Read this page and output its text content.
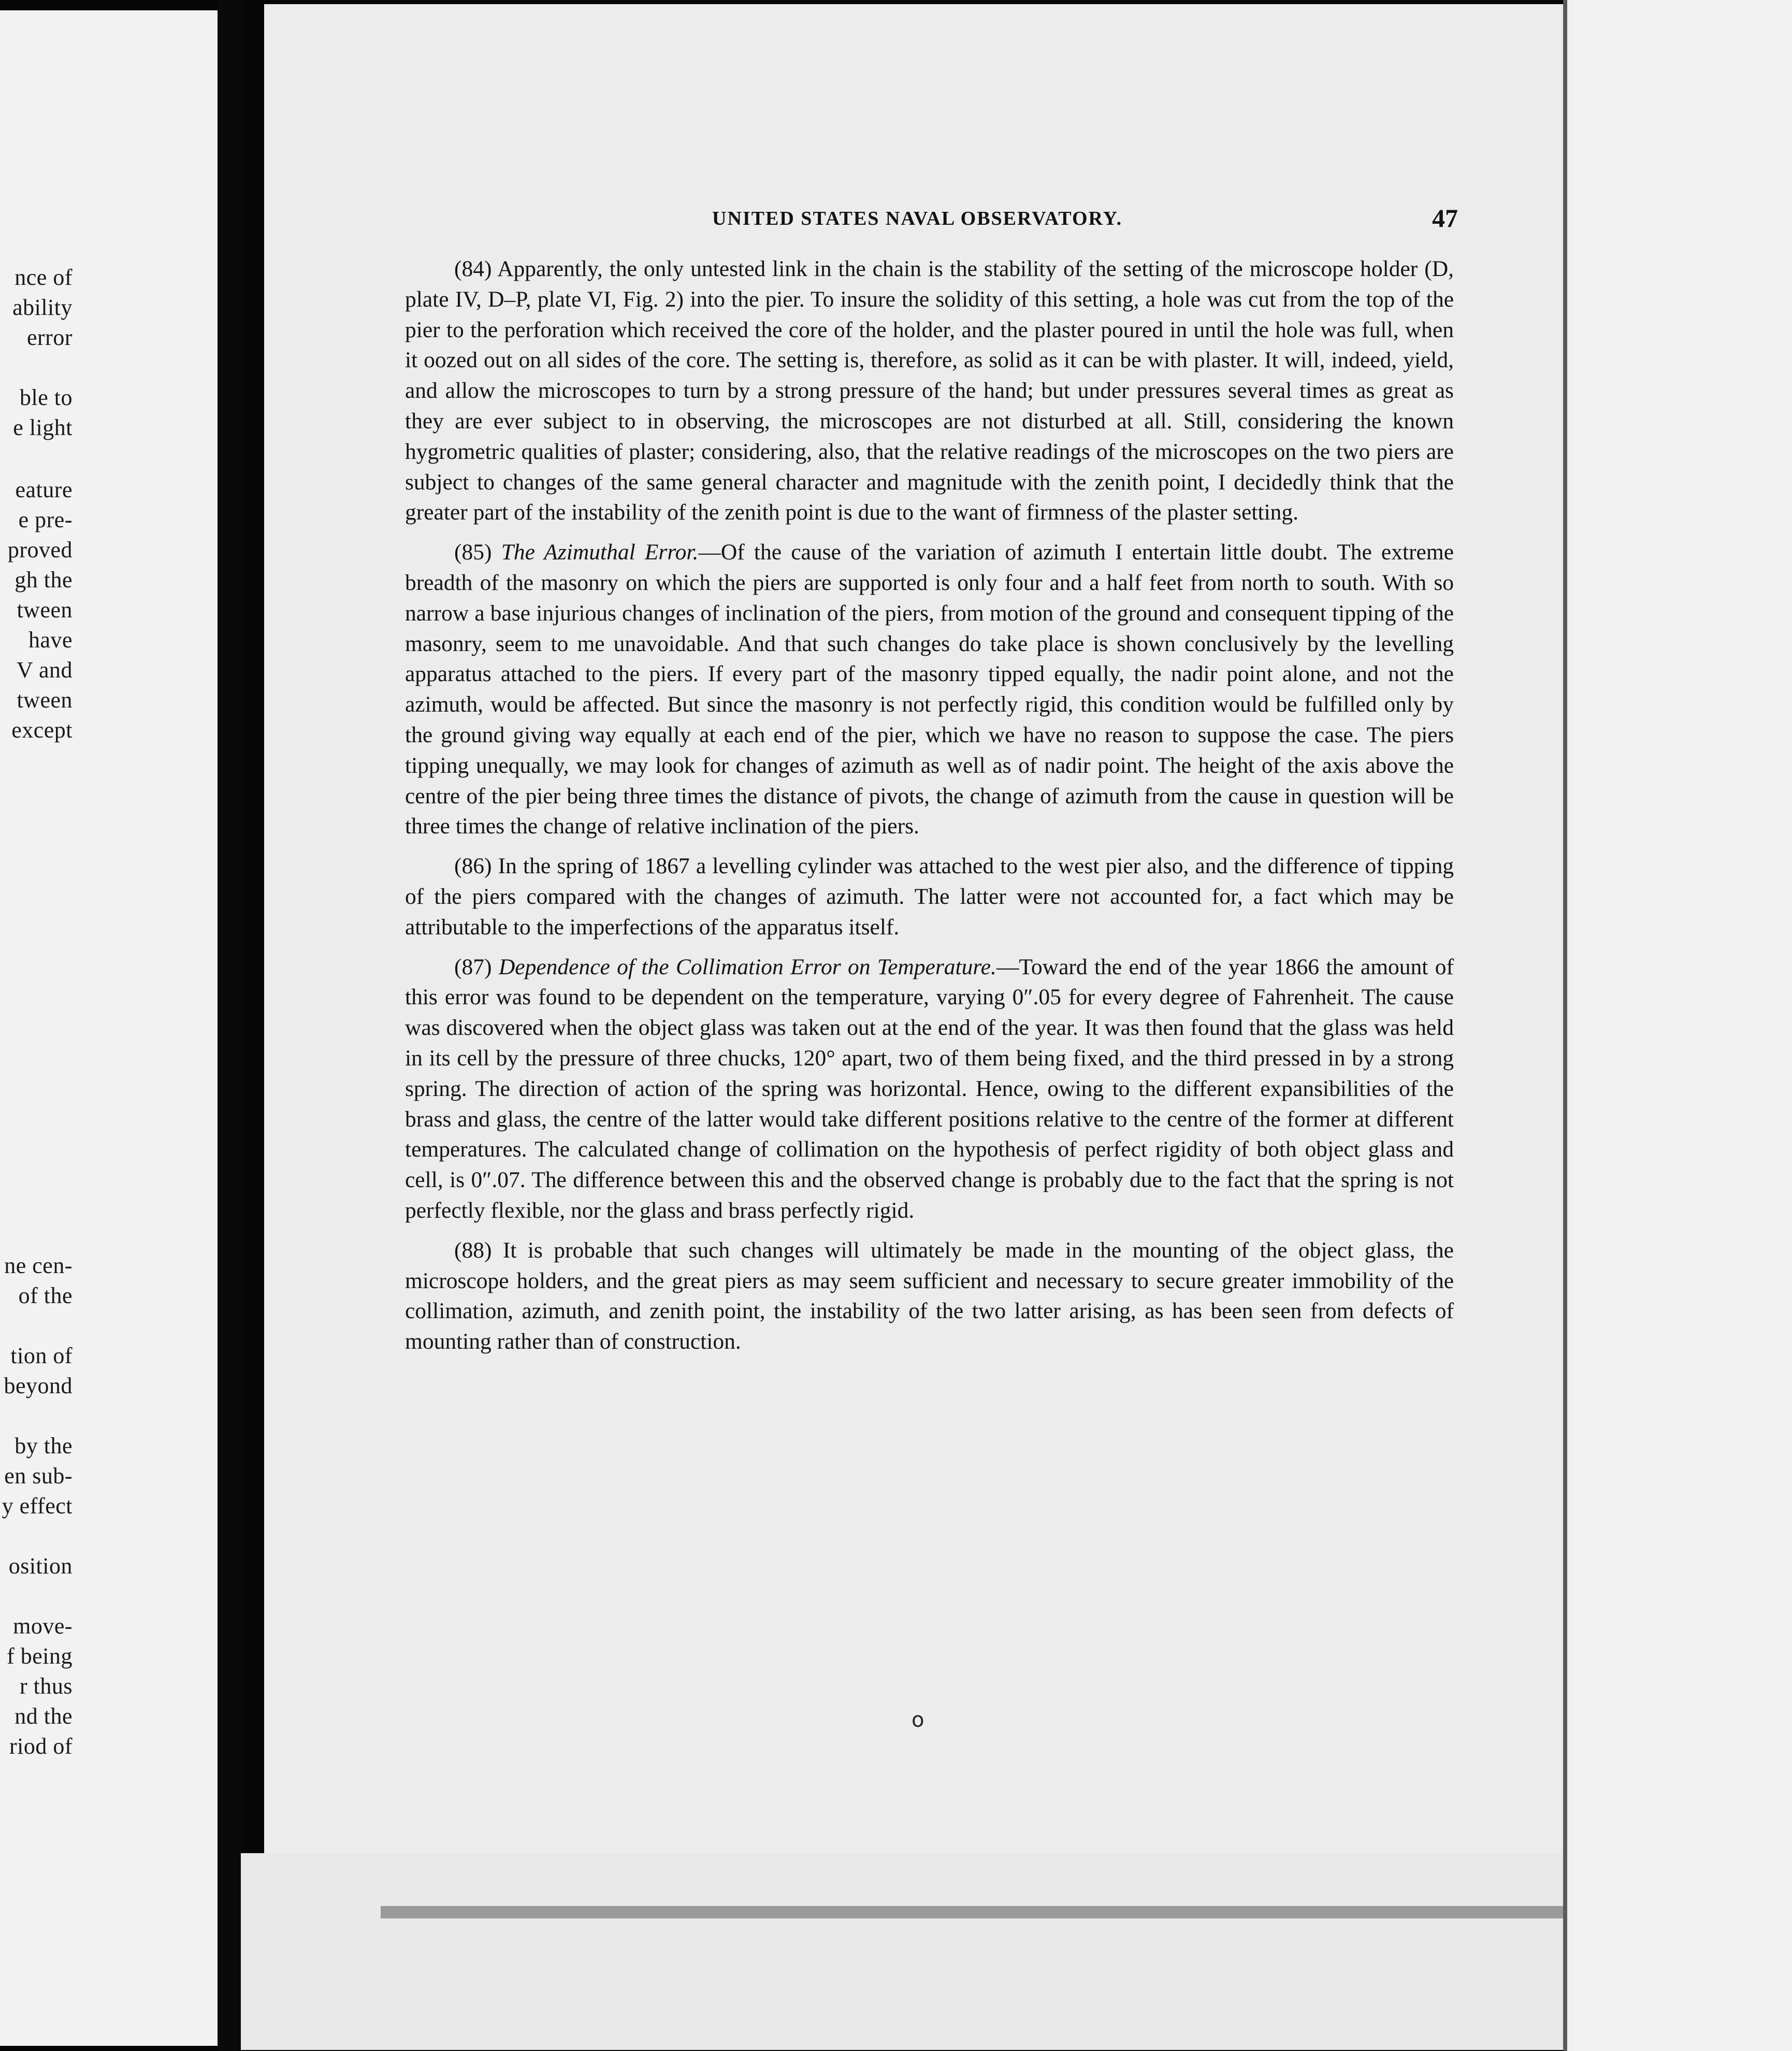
nce of
ability
error
ble to
e light
eature
e pre-
proved
gh the
tween
have
V and
tween
except
ne cen-
of the
tion of
beyond
by the
en sub-
y effect
osition
move-
f being
r thus
nd the
riod of
UNITED STATES NAVAL OBSERVATORY.	47

(84) Apparently, the only untested link in the chain is the stability of the setting of the microscope holder (D, plate IV, D–P, plate VI, Fig. 2) into the pier. To insure the solidity of this setting, a hole was cut from the top of the pier to the perforation which received the core of the holder, and the plaster poured in until the hole was full, when it oozed out on all sides of the core. The setting is, therefore, as solid as it can be with plaster. It will, indeed, yield, and allow the microscopes to turn by a strong pressure of the hand; but under pressures several times as great as they are ever subject to in observing, the microscopes are not disturbed at all. Still, considering the known hygrometric qualities of plaster; considering, also, that the relative readings of the microscopes on the two piers are subject to changes of the same general character and magnitude with the zenith point, I decidedly think that the greater part of the instability of the zenith point is due to the want of firmness of the plaster setting.

(85) The Azimuthal Error.—Of the cause of the variation of azimuth I entertain little doubt. The extreme breadth of the masonry on which the piers are supported is only four and a half feet from north to south. With so narrow a base injurious changes of inclination of the piers, from motion of the ground and consequent tipping of the masonry, seem to me unavoidable. And that such changes do take place is shown conclusively by the levelling apparatus attached to the piers. If every part of the masonry tipped equally, the nadir point alone, and not the azimuth, would be affected. But since the masonry is not perfectly rigid, this condition would be fulfilled only by the ground giving way equally at each end of the pier, which we have no reason to suppose the case. The piers tipping unequally, we may look for changes of azimuth as well as of nadir point. The height of the axis above the centre of the pier being three times the distance of pivots, the change of azimuth from the cause in question will be three times the change of relative inclination of the piers.

(86) In the spring of 1867 a levelling cylinder was attached to the west pier also, and the difference of tipping of the piers compared with the changes of azimuth. The latter were not accounted for, a fact which may be attributable to the imperfections of the apparatus itself.

(87) Dependence of the Collimation Error on Temperature.—Toward the end of the year 1866 the amount of this error was found to be dependent on the temperature, varying 0″.05 for every degree of Fahrenheit. The cause was discovered when the object glass was taken out at the end of the year. It was then found that the glass was held in its cell by the pressure of three chucks, 120° apart, two of them being fixed, and the third pressed in by a strong spring. The direction of action of the spring was horizontal. Hence, owing to the different expansibilities of the brass and glass, the centre of the latter would take different positions relative to the centre of the former at different temperatures. The calculated change of collimation on the hypothesis of perfect rigidity of both object glass and cell, is 0″.07. The difference between this and the observed change is probably due to the fact that the spring is not perfectly flexible, nor the glass and brass perfectly rigid.

(88) It is probable that such changes will ultimately be made in the mounting of the object glass, the microscope holders, and the great piers as may seem sufficient and necessary to secure greater immobility of the collimation, azimuth, and zenith point, the instability of the two latter arising, as has been seen from defects of mounting rather than of construction.

o
